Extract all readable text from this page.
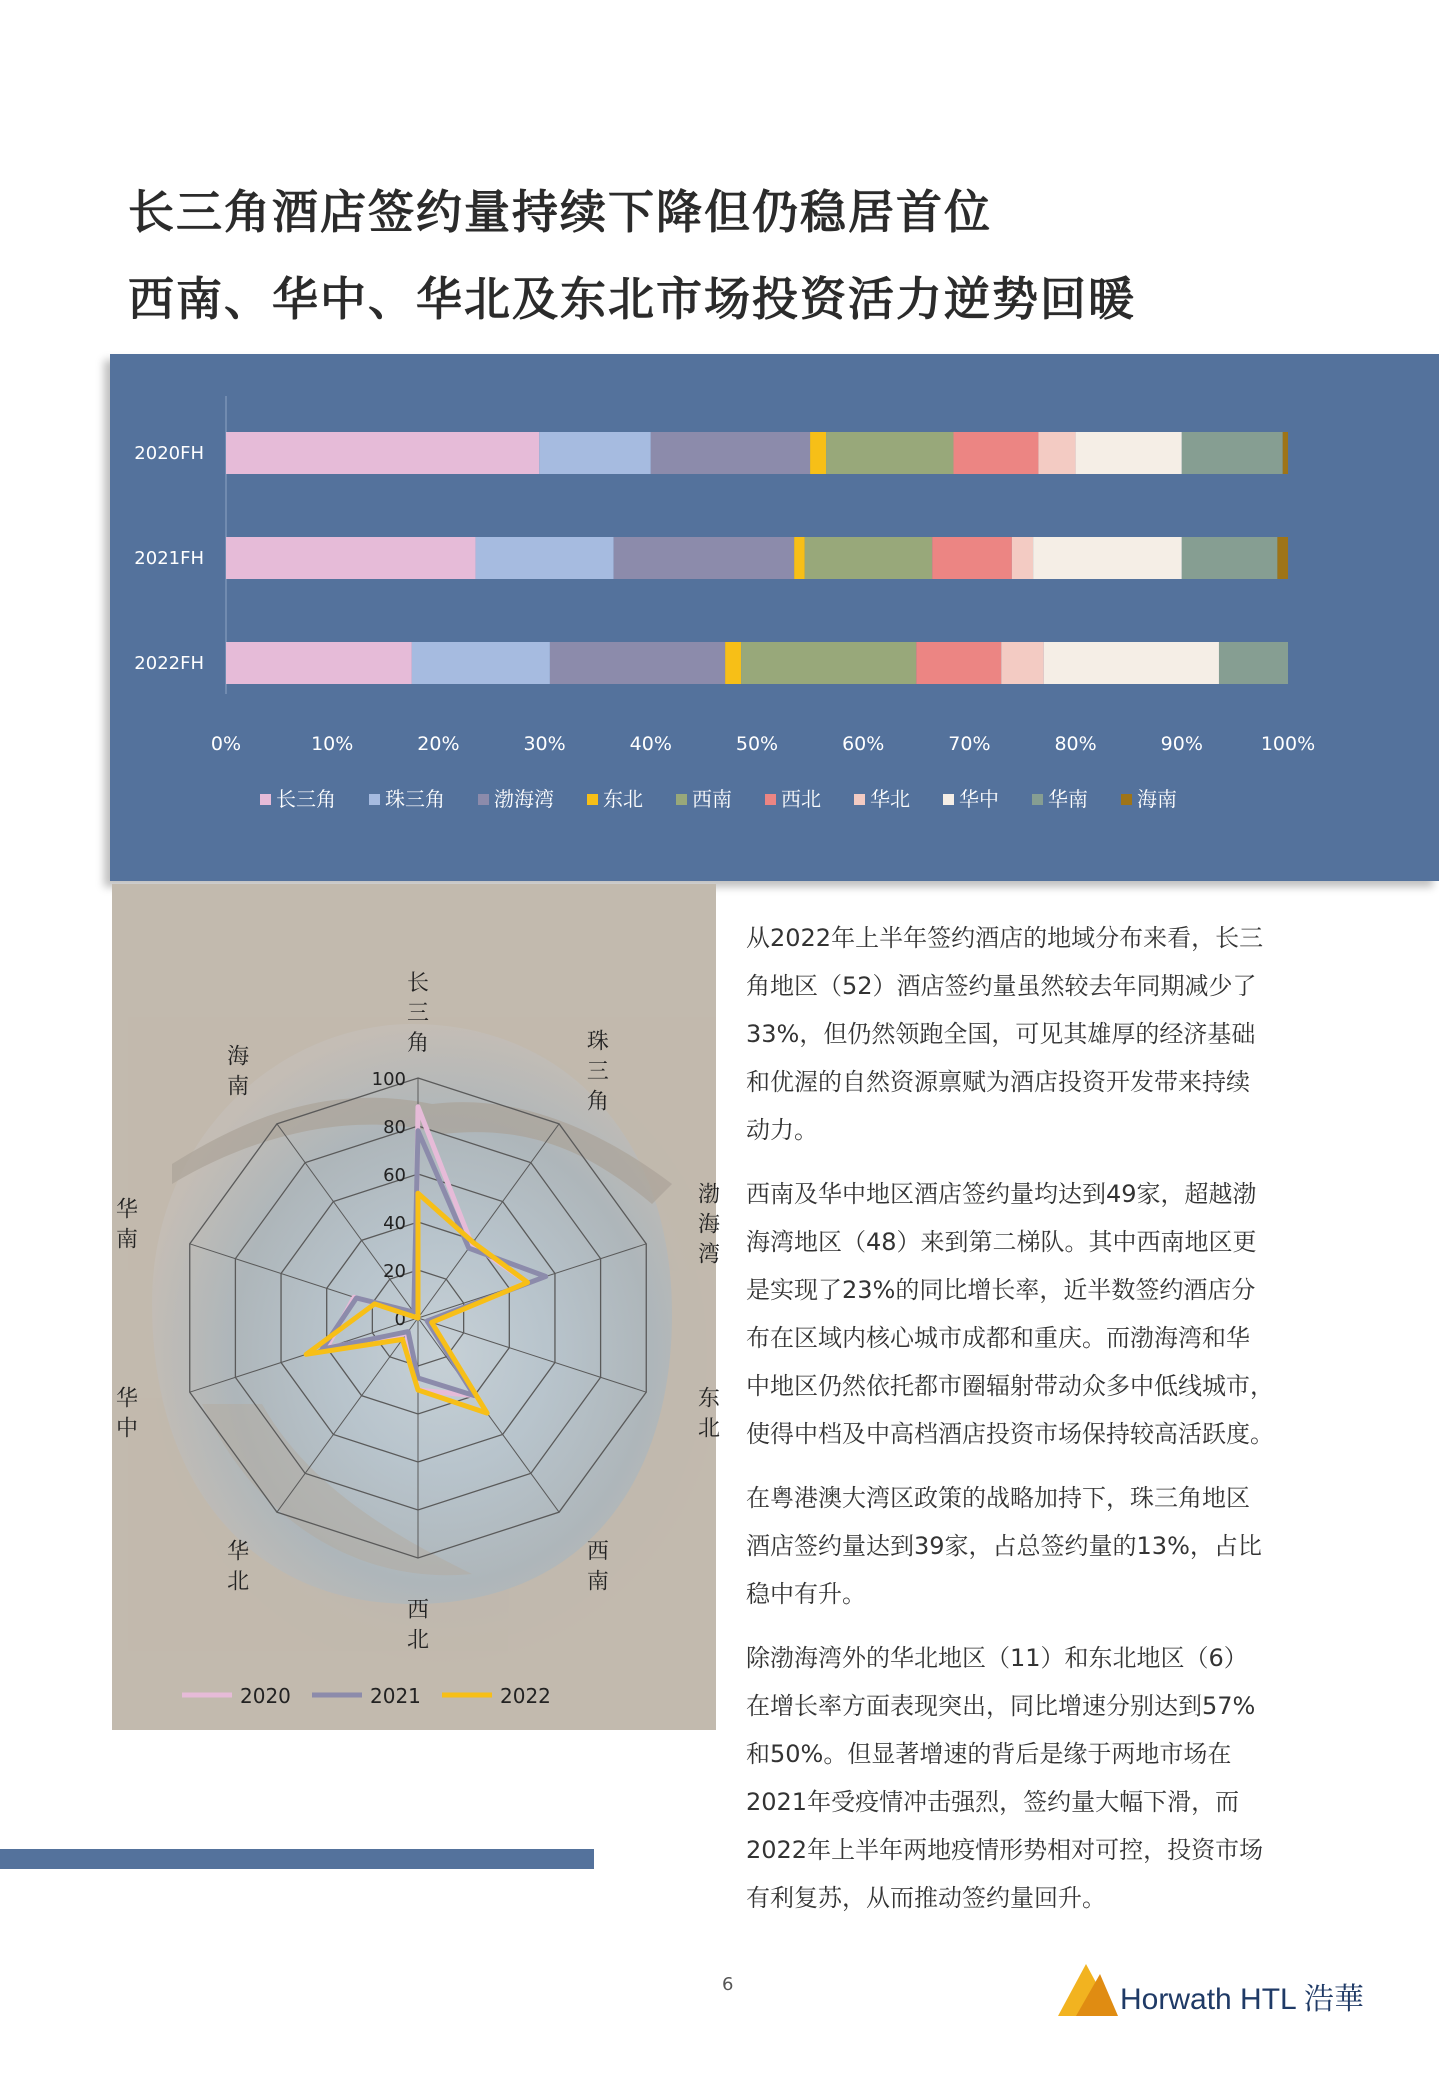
长三角酒店签约量持续下降但仍稳居首位
西南、华中、华北及东北市场投资活力逆势回暖
2020FH
2021FH
2022FH
0%	10%	20%	30%	40%	50%	60%	70%	80%	90%	100%
长三角 珠三角 渤海湾 东北 西南 西北 华北 华中 华南 海南
0
20
40
60
80
100
长
三
角	珠
三
角
渤
海
湾
东
北
西
南
西
北
华
北
华
中
华
南
海
南
2020	2021	2022

从2022年上半年签约酒店的地域分布来看，长三
角地区（52）酒店签约量虽然较去年同期减少了
33%，但仍然领跑全国，可见其雄厚的经济基础
和优渥的自然资源禀赋为酒店投资开发带来持续
动力。

西南及华中地区酒店签约量均达到49家，超越渤
海湾地区（48）来到第二梯队。其中西南地区更
是实现了23%的同比增长率，近半数签约酒店分
布在区域内核心城市成都和重庆。而渤海湾和华
中地区仍然依托都市圈辐射带动众多中低线城市，
使得中档及中高档酒店投资市场保持较高活跃度。

在粤港澳大湾区政策的战略加持下，珠三角地区
酒店签约量达到39家，占总签约量的13%，占比
稳中有升。

除渤海湾外的华北地区（11）和东北地区（6）
在增长率方面表现突出，同比增速分别达到57%
和50%。但显著增速的背后是缘于两地市场在
2021年受疫情冲击强烈，签约量大幅下滑，而
2022年上半年两地疫情形势相对可控，投资市场
有利复苏，从而推动签约量回升。

6	Horwath HTL 浩華
